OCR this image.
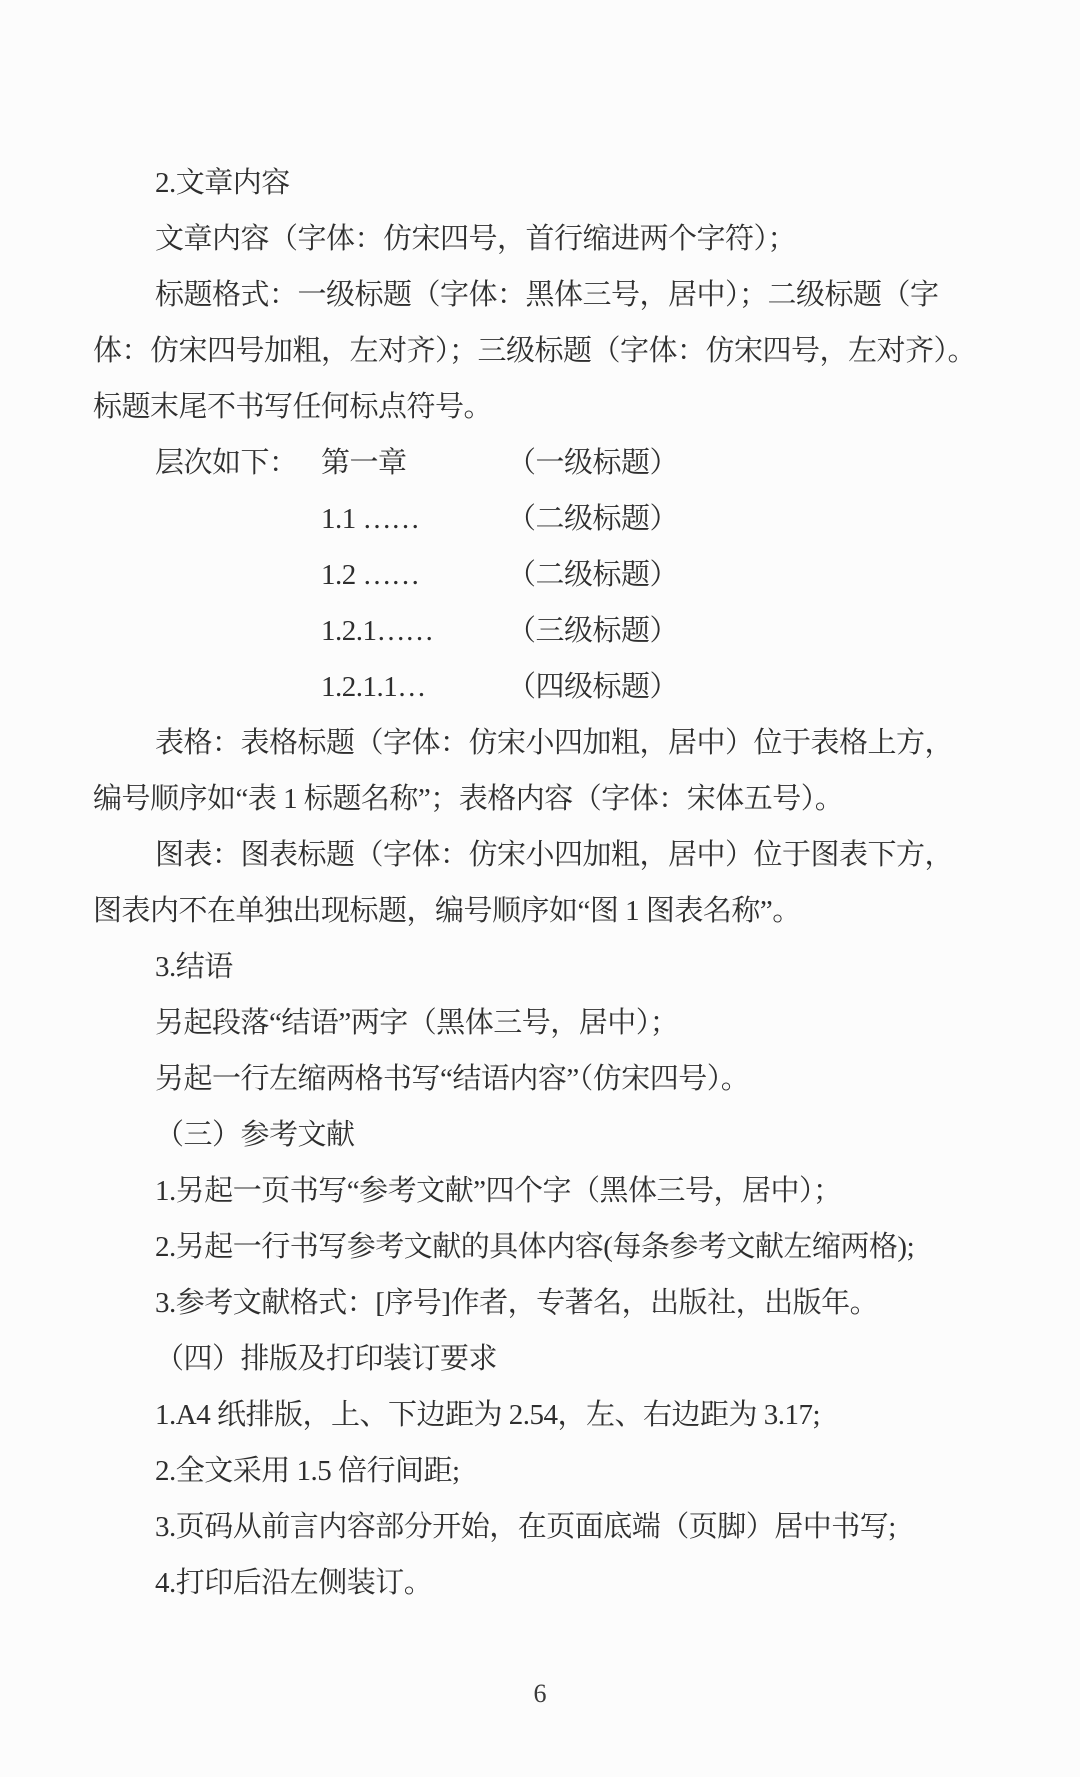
2.文章内容
文章内容（字体：仿宋四号，首行缩进两个字符）；
标题格式：一级标题（字体：黑体三号，居中）；二级标题（字
体：仿宋四号加粗，左对齐）；三级标题（字体：仿宋四号，左对齐）。
标题末尾不书写任何标点符号。
层次如下： 第一章	（一级标题）
1.1 ……	（二级标题）
1.2 ……	（二级标题）
1.2.1……	（三级标题）
1.2.1.1…	（四级标题）
表格：表格标题（字体：仿宋小四加粗，居中）位于表格上方，
编号顺序如“表 1 标题名称”；表格内容（字体：宋体五号）。
图表：图表标题（字体：仿宋小四加粗，居中）位于图表下方，
图表内不在单独出现标题，编号顺序如“图 1 图表名称”。
3.结语
另起段落“结语”两字（黑体三号，居中）；
另起一行左缩两格书写“结语内容”（仿宋四号）。
（三）参考文献
1.另起一页书写“参考文献”四个字（黑体三号，居中）；
2.另起一行书写参考文献的具体内容(每条参考文献左缩两格);
3.参考文献格式：[序号]作者，专著名，出版社，出版年。
（四）排版及打印装订要求
1.A4 纸排版，上、下边距为 2.54，左、右边距为 3.17;
2.全文采用 1.5 倍行间距;
3.页码从前言内容部分开始，在页面底端（页脚）居中书写;
4.打印后沿左侧装订。
6
